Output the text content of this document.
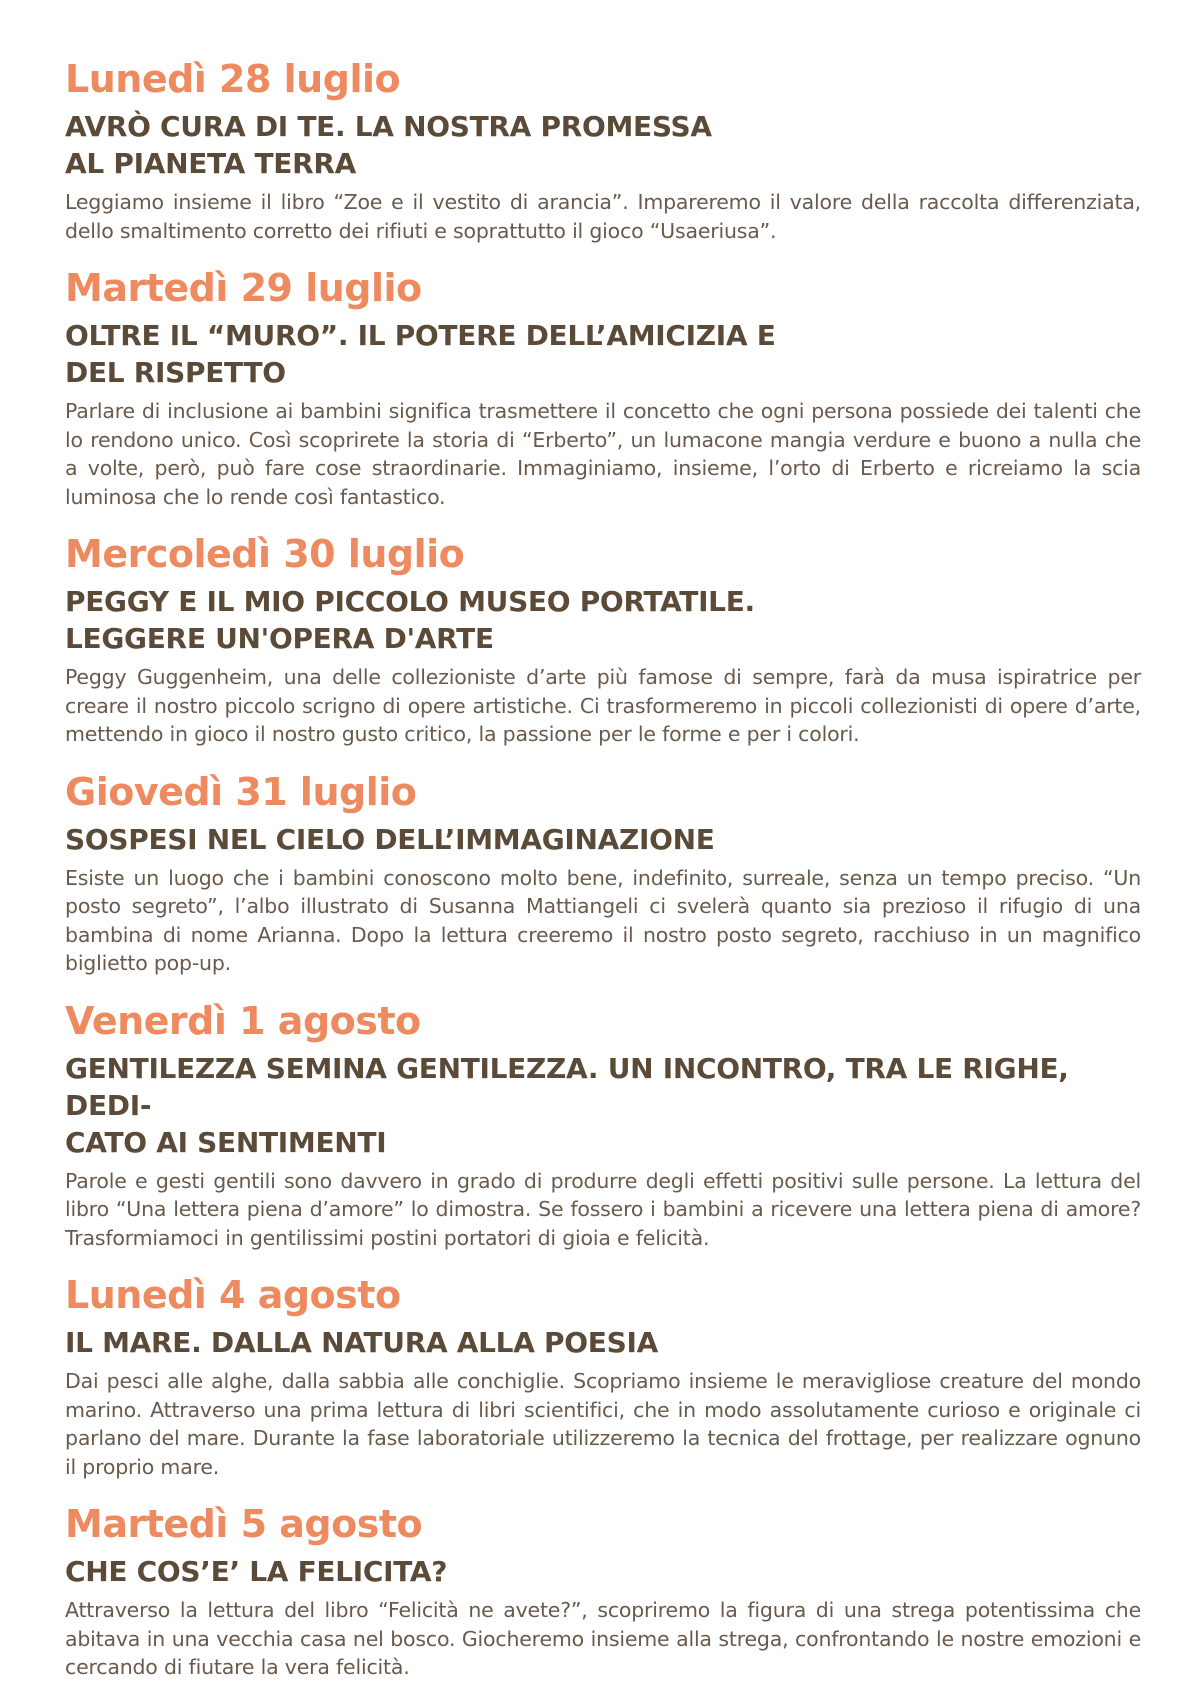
Lunedì 28 luglio
AVRÒ CURA DI TE. LA NOSTRA PROMESSA
AL PIANETA TERRA

Leggiamo insieme il libro “Zoe e il vestito di arancia”. Impareremo il valore della raccolta differenziata, dello smaltimento corretto dei rifiuti e soprattutto il gioco “Usaeriusa”.

Martedì 29 luglio
OLTRE IL “MURO”. IL POTERE DELL’AMICIZIA E
DEL RISPETTO

Parlare di inclusione ai bambini significa trasmettere il concetto che ogni persona possiede dei talenti che lo rendono unico. Così scoprirete la storia di “Erberto”, un lumacone mangia verdure e buono a nulla che a volte, però, può fare cose straordinarie. Immaginiamo, insieme, l’orto di Erberto e ricreiamo la scia luminosa che lo rende così fantastico.

Mercoledì 30 luglio
PEGGY E IL MIO PICCOLO MUSEO PORTATILE.
LEGGERE UN'OPERA D'ARTE

Peggy Guggenheim, una delle collezioniste d’arte più famose di sempre, farà da musa ispiratrice per creare il nostro piccolo scrigno di opere artistiche. Ci trasformeremo in piccoli collezionisti di opere d’arte, mettendo in gioco il nostro gusto critico, la passione per le forme e per i colori.

Giovedì 31 luglio
SOSPESI NEL CIELO DELL’IMMAGINAZIONE

Esiste un luogo che i bambini conoscono molto bene, indefinito, surreale, senza un tempo preciso. “Un posto segreto”, l’albo illustrato di Susanna Mattiangeli ci svelerà quanto sia prezioso il rifugio di una bambina di nome Arianna. Dopo la lettura creeremo il nostro posto segreto, racchiuso in un magnifico biglietto pop-up.

Venerdì 1 agosto
GENTILEZZA SEMINA GENTILEZZA. UN INCONTRO, TRA LE RIGHE, DEDI-
CATO AI SENTIMENTI

Parole e gesti gentili sono davvero in grado di produrre degli effetti positivi sulle persone. La lettura del libro “Una lettera piena d’amore” lo dimostra. Se fossero i bambini a ricevere una lettera piena di amore? Trasformiamoci in gentilissimi postini portatori di gioia e felicità.

Lunedì 4 agosto
IL MARE. DALLA NATURA ALLA POESIA

Dai pesci alle alghe, dalla sabbia alle conchiglie. Scopriamo insieme le meravigliose creature del mondo marino. Attraverso una prima lettura di libri scientifici, che in modo assolutamente curioso e originale ci parlano del mare. Durante la fase laboratoriale utilizzeremo la tecnica del frottage, per realizzare ognuno il proprio mare.

Martedì 5 agosto
CHE COS’E’ LA FELICITA?

Attraverso la lettura del libro “Felicità ne avete?”, scopriremo la figura di una strega potentissima che abitava in una vecchia casa nel bosco. Giocheremo insieme alla strega, confrontando le nostre emozioni e cercando di fiutare la vera felicità.
